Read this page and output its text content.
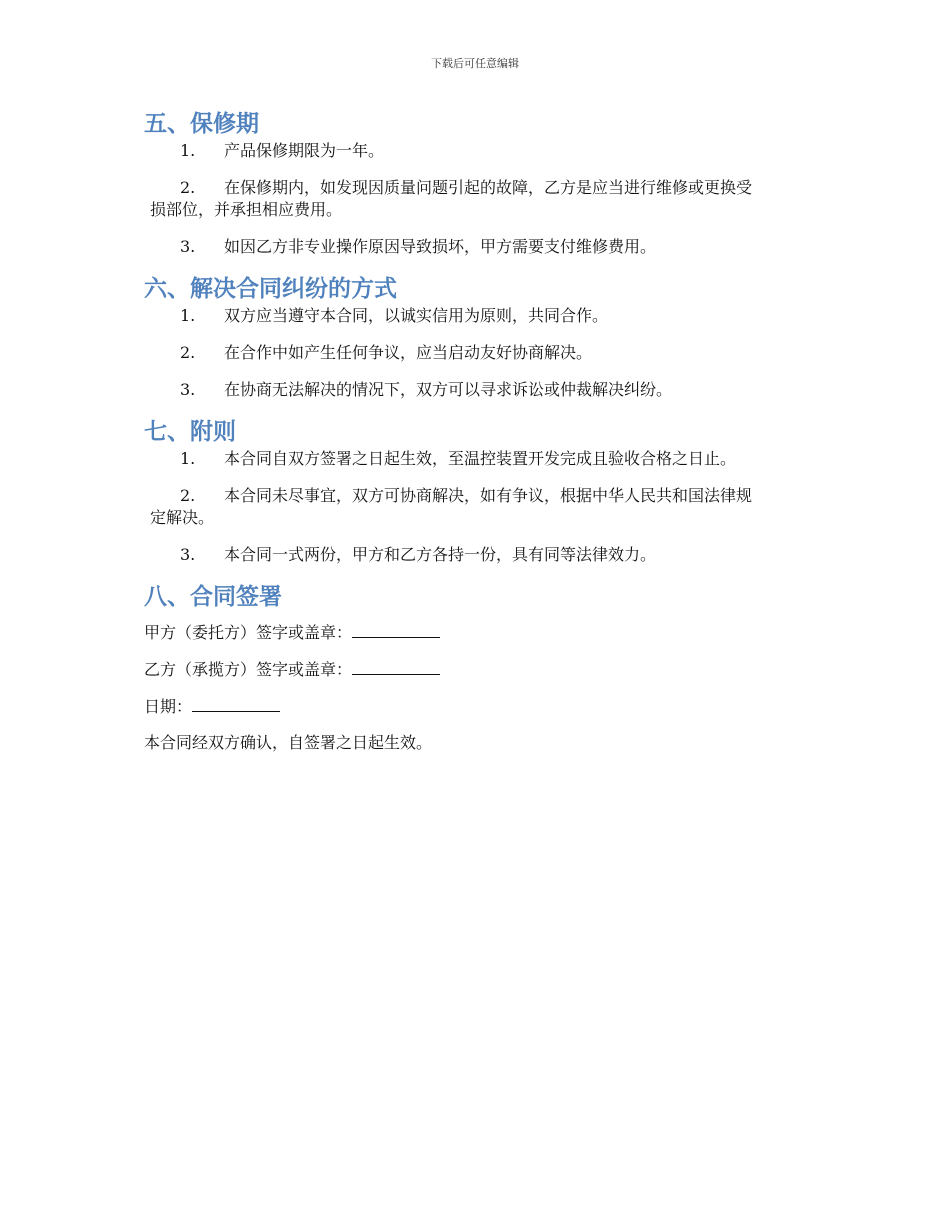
下载后可任意编辑
五、保修期
1.	产品保修期限为一年。
2.	在保修期内，如发现因质量问题引起的故障，乙方是应当进行维修或更换受
损部位，并承担相应费用。
3.	如因乙方非专业操作原因导致损坏，甲方需要支付维修费用。
六、解决合同纠纷的方式
1.	双方应当遵守本合同，以诚实信用为原则，共同合作。
2.	在合作中如产生任何争议，应当启动友好协商解决。
3.	在协商无法解决的情况下，双方可以寻求诉讼或仲裁解决纠纷。
七、附则
1.	本合同自双方签署之日起生效，至温控装置开发完成且验收合格之日止。
2.	本合同未尽事宜，双方可协商解决，如有争议，根据中华人民共和国法律规
定解决。
3.	本合同一式两份，甲方和乙方各持一份，具有同等法律效力。
八、合同签署
甲方（委托方）签字或盖章：
乙方（承揽方）签字或盖章：
日期：
本合同经双方确认，自签署之日起生效。
